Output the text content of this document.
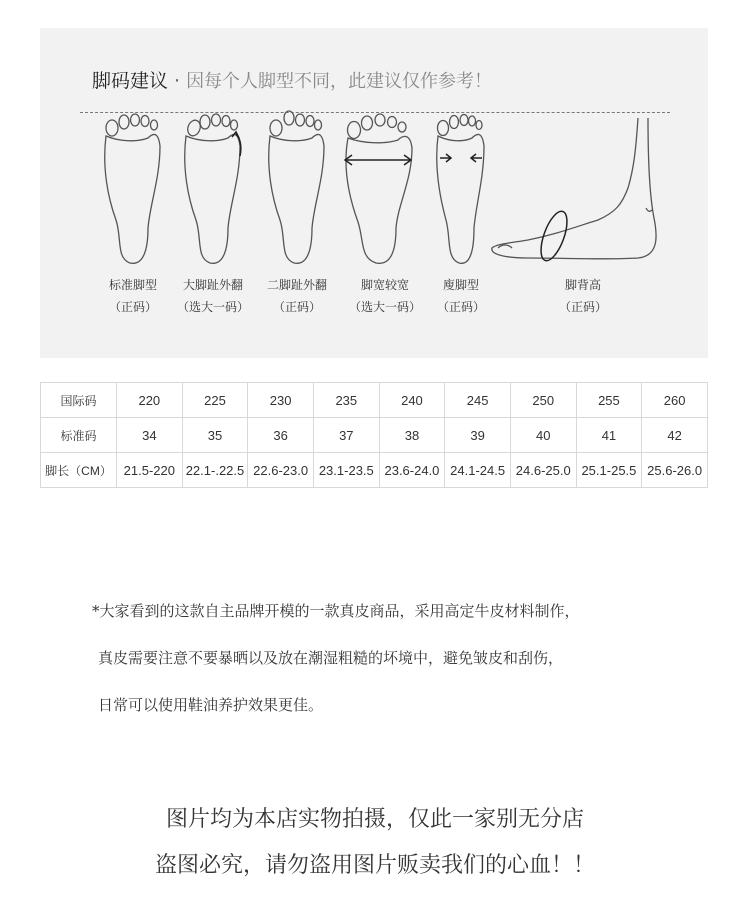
脚码建议 · 因每个人脚型不同，此建议仅作参考！
标准脚型
（正码）
大脚趾外翻
（选大一码）
二脚趾外翻
（正码）
脚宽较宽
（选大一码）
廋脚型
（正码）
脚背高
（正码）
国际码	220	225	230	235	240	245	250	255	260
标准码	34	35	36	37	38	39	40	41	42
脚长（CM）	21.5-220	22.1-.22.5	22.6-23.0	23.1-23.5	23.6-24.0	24.1-24.5	24.6-25.0	25.1-25.5	25.6-26.0

*大家看到的这款自主品牌开模的一款真皮商品，采用高定牛皮材料制作，

真皮需要注意不要暴晒以及放在潮湿粗糙的坏境中，避免皱皮和刮伤，

日常可以使用鞋油养护效果更佳。

图片均为本店实物拍摄，仅此一家别无分店

盗图必究，请勿盗用图片贩卖我们的心血！！
